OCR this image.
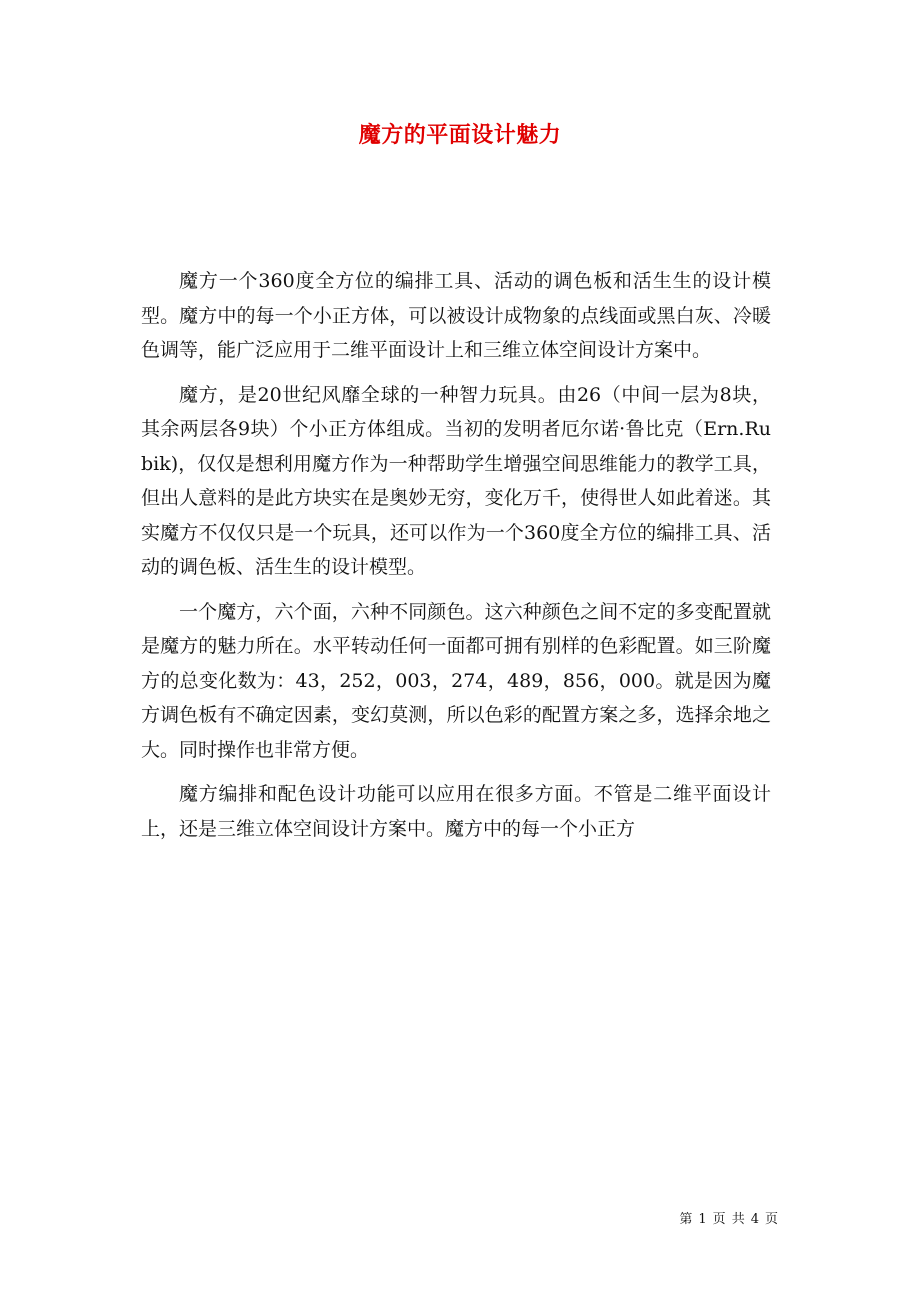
魔方的平面设计魅力

魔方一个360度全方位的编排工具、活动的调色板和活生生的设计模型。魔方中的每一个小正方体，可以被设计成物象的点线面或黑白灰、冷暖色调等，能广泛应用于二维平面设计上和三维立体空间设计方案中。

魔方，是20世纪风靡全球的一种智力玩具。由26（中间一层为8块，其余两层各9块）个小正方体组成。当初的发明者厄尔诺·鲁比克（Ern.Rubik)，仅仅是想利用魔方作为一种帮助学生增强空间思维能力的教学工具，但出人意料的是此方块实在是奥妙无穷，变化万千，使得世人如此着迷。其实魔方不仅仅只是一个玩具，还可以作为一个360度全方位的编排工具、活动的调色板、活生生的设计模型。

一个魔方，六个面，六种不同颜色。这六种颜色之间不定的多变配置就是魔方的魅力所在。水平转动任何一面都可拥有别样的色彩配置。如三阶魔方的总变化数为：43，252，003，274，489，856，000。就是因为魔方调色板有不确定因素，变幻莫测，所以色彩的配置方案之多，选择余地之大。同时操作也非常方便。

魔方编排和配色设计功能可以应用在很多方面。不管是二维平面设计上，还是三维立体空间设计方案中。魔方中的每一个小正方

第 1 页 共 4 页
